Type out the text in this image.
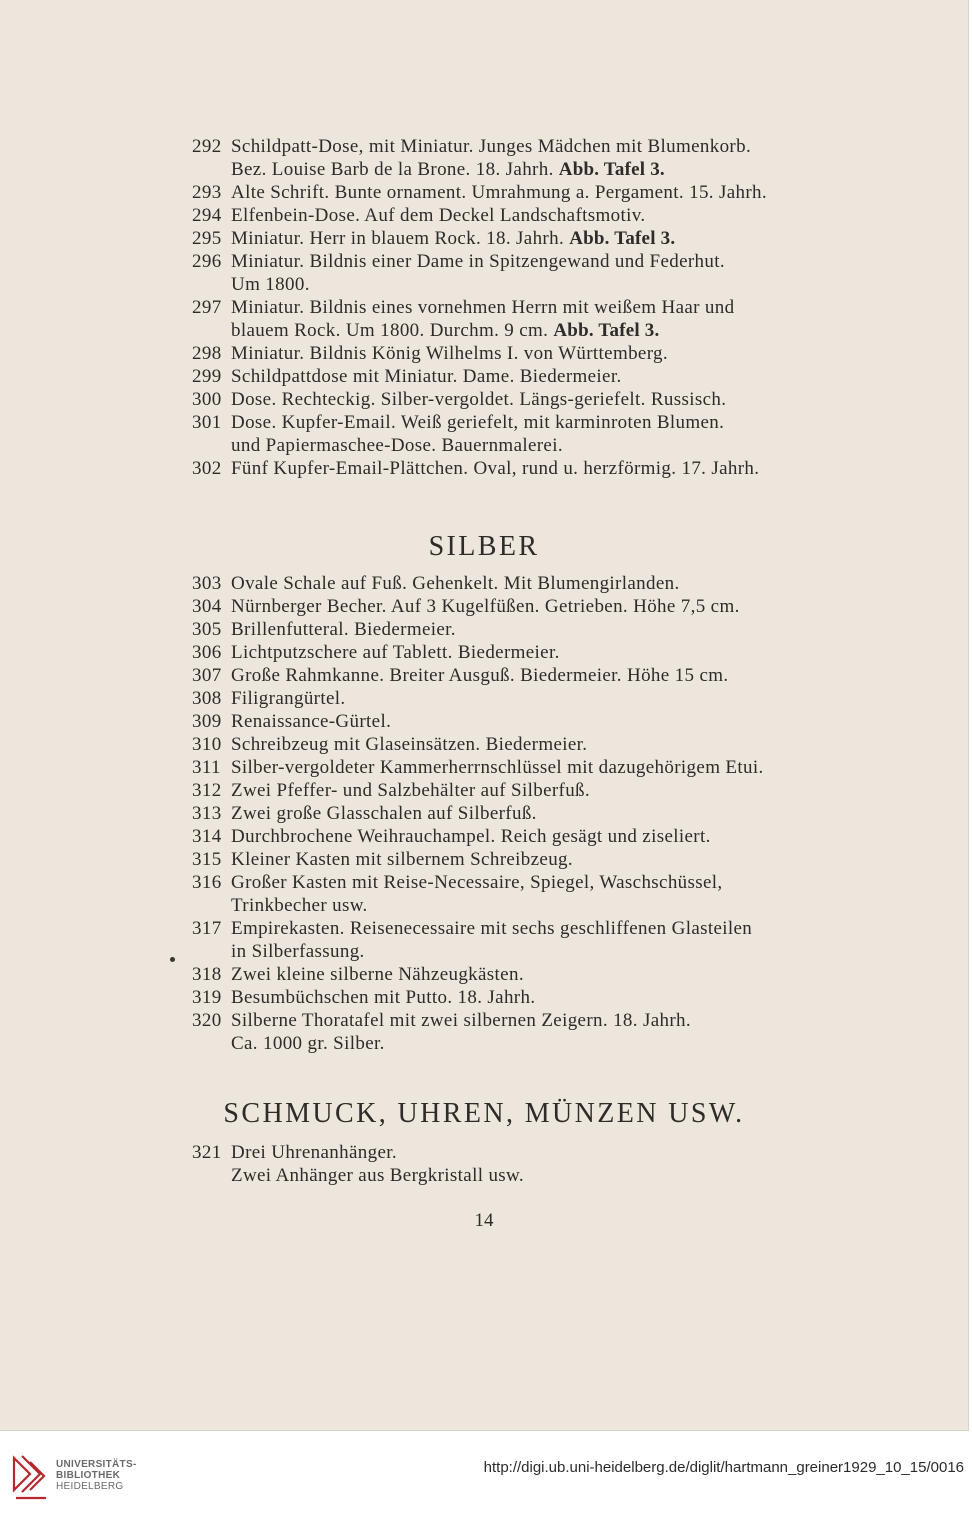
292 Schildpatt-Dose, mit Miniatur. Junges Mädchen mit Blumenkorb.
Bez. Louise Barb de la Brone. 18. Jahrh. Abb. Tafel 3.
293 Alte Schrift. Bunte ornament. Umrahmung a. Pergament. 15. Jahrh.
294 Elfenbein-Dose. Auf dem Deckel Landschaftsmotiv.
295 Miniatur. Herr in blauem Rock. 18. Jahrh. Abb. Tafel 3.
296 Miniatur. Bildnis einer Dame in Spitzengewand und Federhut.
Um 1800.
297 Miniatur. Bildnis eines vornehmen Herrn mit weißem Haar und
blauem Rock. Um 1800. Durchm. 9 cm. Abb. Tafel 3.
298 Miniatur. Bildnis König Wilhelms I. von Württemberg.
299 Schildpattdose mit Miniatur. Dame. Biedermeier.
300 Dose. Rechteckig. Silber-vergoldet. Längs-geriefelt. Russisch.
301 Dose. Kupfer-Email. Weiß geriefelt, mit karminroten Blumen.
und Papiermaschee-Dose. Bauernmalerei.
302 Fünf Kupfer-Email-Plättchen. Oval, rund u. herzförmig. 17. Jahrh.
SILBER
303 Ovale Schale auf Fuß. Gehenkelt. Mit Blumengirlanden.
304 Nürnberger Becher. Auf 3 Kugelfüßen. Getrieben. Höhe 7,5 cm.
305 Brillenfutteral. Biedermeier.
306 Lichtputzschere auf Tablett. Biedermeier.
307 Große Rahmkanne. Breiter Ausguß. Biedermeier. Höhe 15 cm.
308 Filigrangürtel.
309 Renaissance-Gürtel.
310 Schreibzeug mit Glaseinsätzen. Biedermeier.
311 Silber-vergoldeter Kammerherrnschlüssel mit dazugehörigem Etui.
312 Zwei Pfeffer- und Salzbehälter auf Silberfuß.
313 Zwei große Glasschalen auf Silberfuß.
314 Durchbrochene Weihrauchampel. Reich gesägt und ziseliert.
315 Kleiner Kasten mit silbernem Schreibzeug.
316 Großer Kasten mit Reise-Necessaire, Spiegel, Waschschüssel,
Trinkbecher usw.
317 Empirekasten. Reisenecessaire mit sechs geschliffenen Glasteilen
in Silberfassung.
318 Zwei kleine silberne Nähzeugkästen.
319 Besumbüchschen mit Putto. 18. Jahrh.
320 Silberne Thoratafel mit zwei silbernen Zeigern. 18. Jahrh.
Ca. 1000 gr. Silber.
SCHMUCK, UHREN, MÜNZEN USW.
321 Drei Uhrenanhänger.
Zwei Anhänger aus Bergkristall usw.
14
UNIVERSITÄTS-
BIBLIOTHEK
HEIDELBERG
http://digi.ub.uni-heidelberg.de/diglit/hartmann_greiner1929_10_15/0016
